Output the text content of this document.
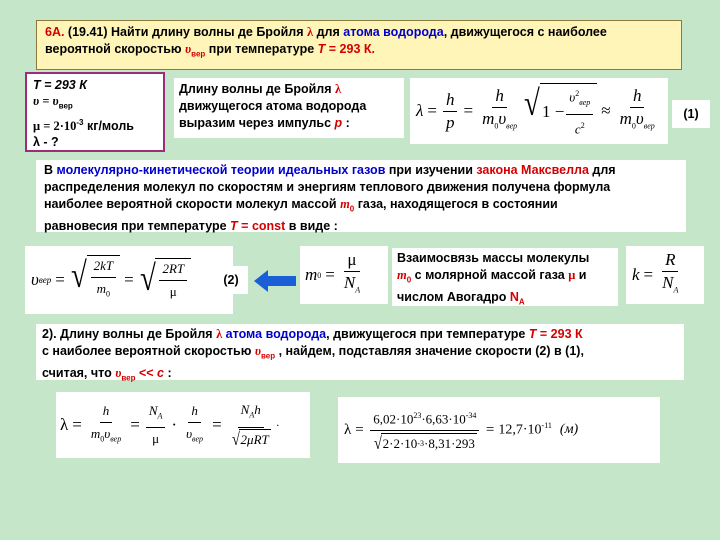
6А. (19.41) Найти длину волны де Бройля λ для атома водорода, движущегося с наиболее
вероятной скоростью $\upsilon_{вер}$ при температуре T = 293 К.
T = 293 К
$\upsilon = \upsilon_{вер}$
$\mu = 2\cdot 10^{-3}$ кг/моль
λ - ?
Длину волны де Бройля λ
движущегося атома водорода
выразим через импульс p :
$\lambda = \frac{h}{p} = \frac{h}{m_0\upsilon_{вер}}$ √ $1 - \frac{\upsilon^2_{вер}}{c^2} \approx \frac{h}{m_0\upsilon_{вер}}$	(1)
В молекулярно-кинетической теории идеальных газов при изучении закона Максвелла для
распределения молекул по скоростям и энергиям теплового движения получена формула
наиболее вероятной скорости молекул массой $m_0$ газа, находящегося в состоянии
равновесия при температуре T = const в виде :
υ вер = √ $\frac{2kT}{m_0}$ = √ $\frac{2RT}{\mu}$	(2)	m $0 = \frac{\mu}{N_A}$	Взаимосвязь массы молекулы
$m_0$ с молярной массой газа μ и
числом Авогадро $N_A$
$k = \frac{R}{N_A}$
2). Длину волны де Бройля λ атома водорода, движущегося при температуре T = 293 К
с наиболее вероятной скоростью $\upsilon_{вер}$ , найдем, подставляя значение скорости (2) в (1),
считая, что $\upsilon_{вер} << c$ :
$\lambda = \frac{h}{m_0\upsilon_{вер}} = \frac{N_A}{\mu} \cdot \frac{h}{\upsilon_{вер}} = \frac{N_Ah}{\text{√ 2μRT}}$ ·	$\lambda = \frac{6,02\cdot 10^{23}\cdot 6,63\cdot 10^{-34}}{√ 2\cdot 2\cdot 10 -3 \cdot 8,31\cdot 293} = 12,7\cdot 10^{-11}$ (м)
